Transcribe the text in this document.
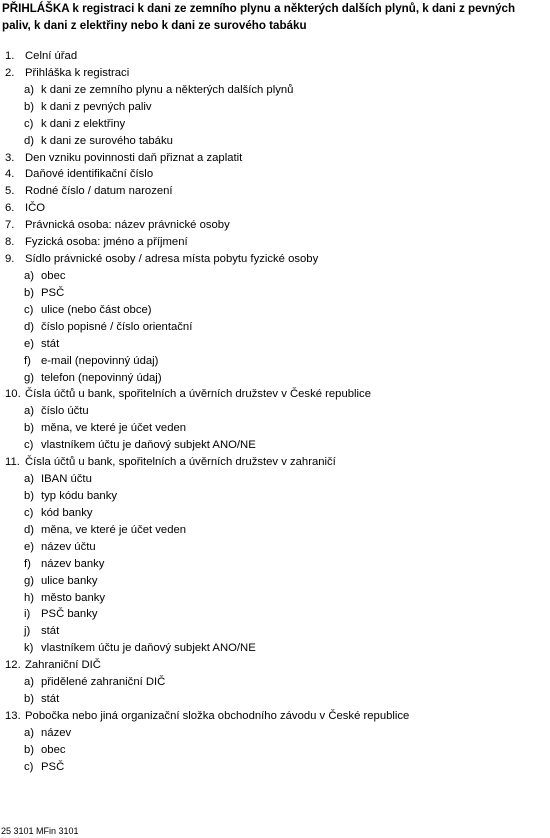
PŘIHLÁŠKA k registraci k dani ze zemního plynu a některých dalších plynů, k dani z pevných paliv, k dani z elektřiny nebo k dani ze surového tabáku
1. Celní úřad
2. Přihláška k registraci
a) k dani ze zemního plynu a některých dalších plynů
b) k dani z pevných paliv
c) k dani z elektřiny
d) k dani ze surového tabáku
3. Den vzniku povinnosti daň přiznat a zaplatit
4. Daňové identifikační číslo
5. Rodné číslo / datum narození
6. IČO
7. Právnická osoba: název právnické osoby
8. Fyzická osoba: jméno a příjmení
9. Sídlo právnické osoby / adresa místa pobytu fyzické osoby
a) obec
b) PSČ
c) ulice (nebo část obce)
d) číslo popisné / číslo orientační
e) stát
f) e-mail (nepovinný údaj)
g) telefon (nepovinný údaj)
10. Čísla účtů u bank, spořitelních a úvěrních družstev v České republice
a) číslo účtu
b) měna, ve které je účet veden
c) vlastníkem účtu je daňový subjekt ANO/NE
11. Čísla účtů u bank, spořitelních a úvěrních družstev v zahraničí
a) IBAN účtu
b) typ kódu banky
c) kód banky
d) měna, ve které je účet veden
e) název účtu
f) název banky
g) ulice banky
h) město banky
i) PSČ banky
j) stát
k) vlastníkem účtu je daňový subjekt ANO/NE
12. Zahraniční DIČ
a) přidělené zahraniční DIČ
b) stát
13. Pobočka nebo jiná organizační složka obchodního závodu v České republice
a) název
b) obec
c) PSČ
25 3101 MFin 3101
